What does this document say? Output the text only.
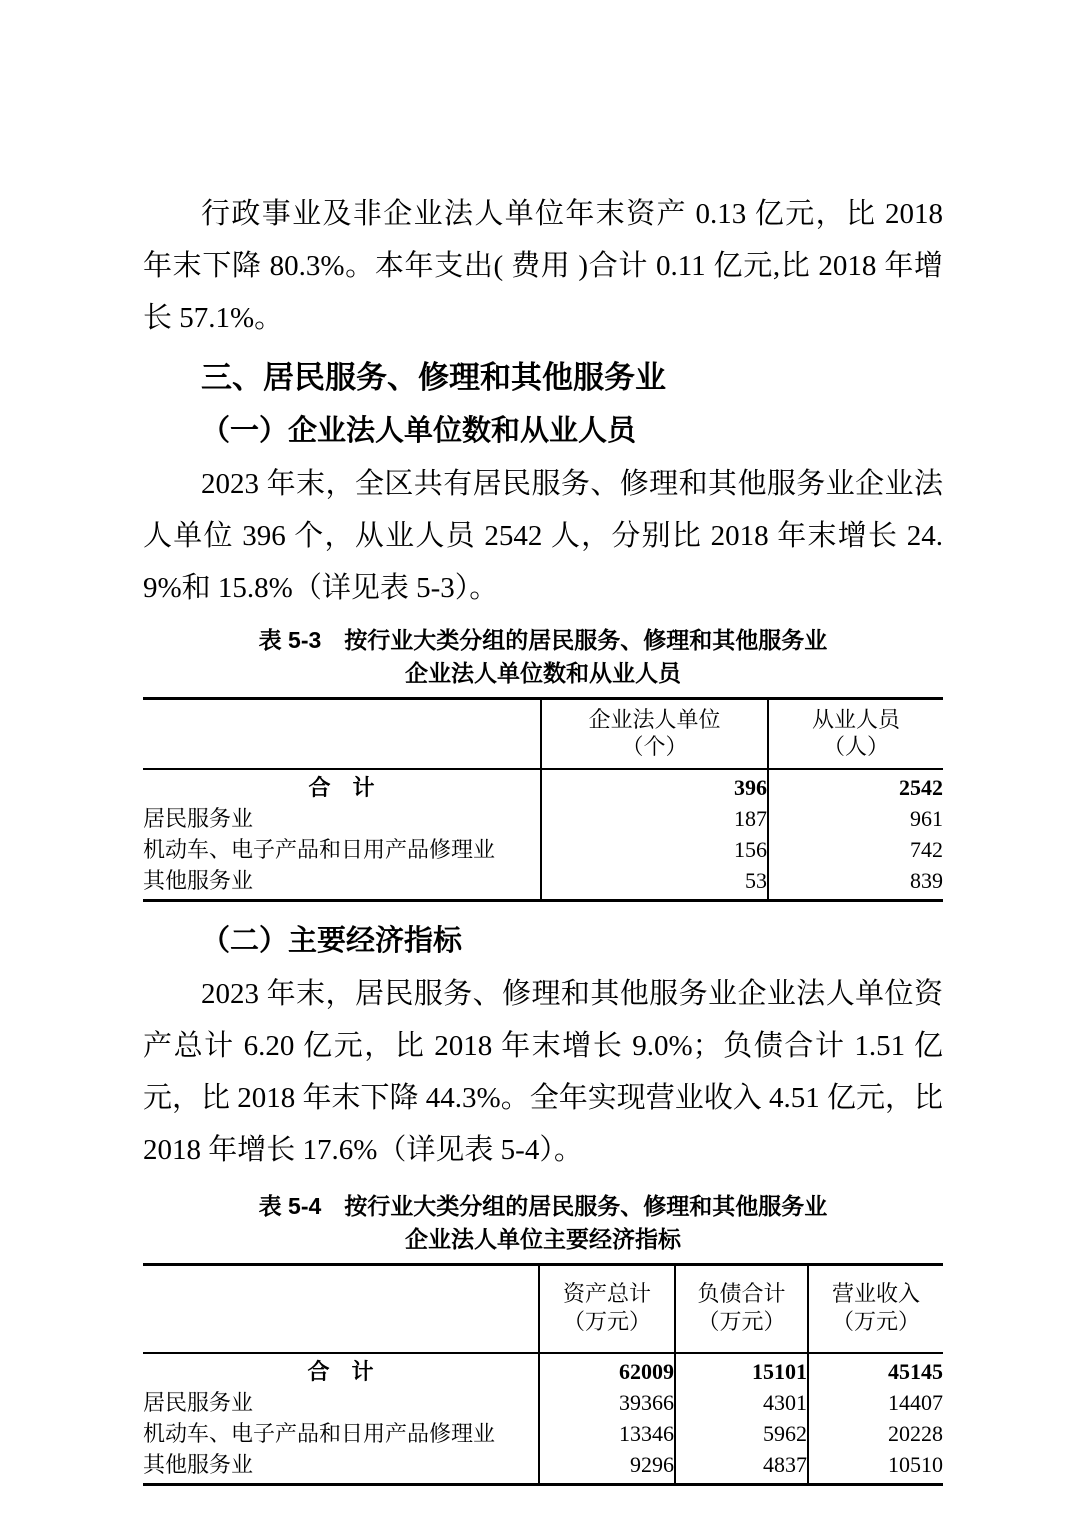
行政事业及非企业法人单位年末资产 0.13 亿元，比 2018 年末下降 80.3%。本年支出( 费用 )合计 0.11 亿元,比 2018 年增长 57.1%。

三、居民服务、修理和其他服务业
（一）企业法人单位数和从业人员

2023 年末，全区共有居民服务、修理和其他服务业企业法人单位 396 个，从业人员 2542 人，分别比 2018 年末增长 24.9%和 15.8%（详见表 5-3）。

表 5-3　按行业大类分组的居民服务、修理和其他服务业

企业法人单位数和从业人员

企业法人单位
（个）

从业人员
（人）

合　计	396	2542
居民服务业	187	961
机动车、电子产品和日用产品修理业	156	742
其他服务业	53	839
（二）主要经济指标

2023 年末，居民服务、修理和其他服务业企业法人单位资产总计 6.20 亿元，比 2018 年末增长 9.0%；负债合计 1.51 亿元，比 2018 年末下降 44.3%。全年实现营业收入 4.51 亿元，比 2018 年增长 17.6%（详见表 5-4）。

表 5-4　按行业大类分组的居民服务、修理和其他服务业

企业法人单位主要经济指标

资产总计
（万元）

负债合计
（万元）

营业收入
（万元）

合　计	62009	15101	45145
居民服务业	39366	4301	14407
机动车、电子产品和日用产品修理业	13346	5962	20228
其他服务业	9296	4837	10510
